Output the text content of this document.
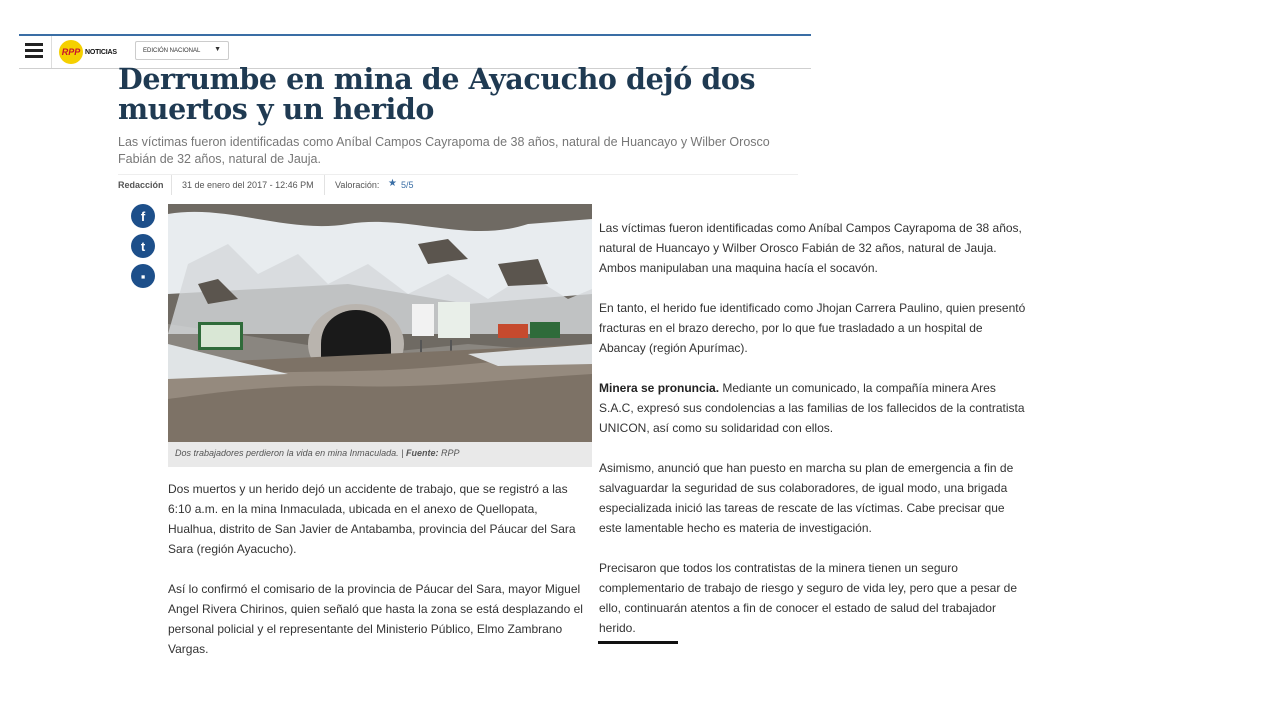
RPP NOTICIAS	EDICIÓN NACIONAL ▼
Derrumbe en mina de Ayacucho dejó dos muertos y un herido

Las víctimas fueron identificadas como Aníbal Campos Cayrapoma de 38 años, natural de Huancayo y Wilber Orosco Fabián de 32 años, natural de Jauja.

Redacción 31 de enero del 2017 - 12:46 PM Valoración: ★ 5/5
f
t
▪
Dos trabajadores perdieron la vida en mina Inmaculada. | Fuente: RPP

Dos muertos y un herido dejó un accidente de trabajo, que se registró a las 6:10 a.m. en la mina Inmaculada, ubicada en el anexo de Quellopata, Hualhua, distrito de San Javier de Antabamba, provincia del Páucar del Sara Sara (región Ayacucho).

Así lo confirmó el comisario de la provincia de Páucar del Sara, mayor Miguel Angel Rivera Chirinos, quien señaló que hasta la zona se está desplazando el personal policial y el representante del Ministerio Público, Elmo Zambrano Vargas.

Las víctimas fueron identificadas como Aníbal Campos Cayrapoma de 38 años, natural de Huancayo y Wilber Orosco Fabián de 32 años, natural de Jauja. Ambos manipulaban una maquina hacía el socavón.

En tanto, el herido fue identificado como Jhojan Carrera Paulino, quien presentó fracturas en el brazo derecho, por lo que fue trasladado a un hospital de Abancay (región Apurímac).

Minera se pronuncia. Mediante un comunicado, la compañía minera Ares S.A.C, expresó sus condolencias a las familias de los fallecidos de la contratista UNICON, así como su solidaridad con ellos.

Asimismo, anunció que han puesto en marcha su plan de emergencia a fin de salvaguardar la seguridad de sus colaboradores, de igual modo, una brigada especializada inició las tareas de rescate de las víctimas. Cabe precisar que este lamentable hecho es materia de investigación.

Precisaron que todos los contratistas de la minera tienen un seguro complementario de trabajo de riesgo y seguro de vida ley, pero que a pesar de ello, continuarán atentos a fin de conocer el estado de salud del trabajador herido.
